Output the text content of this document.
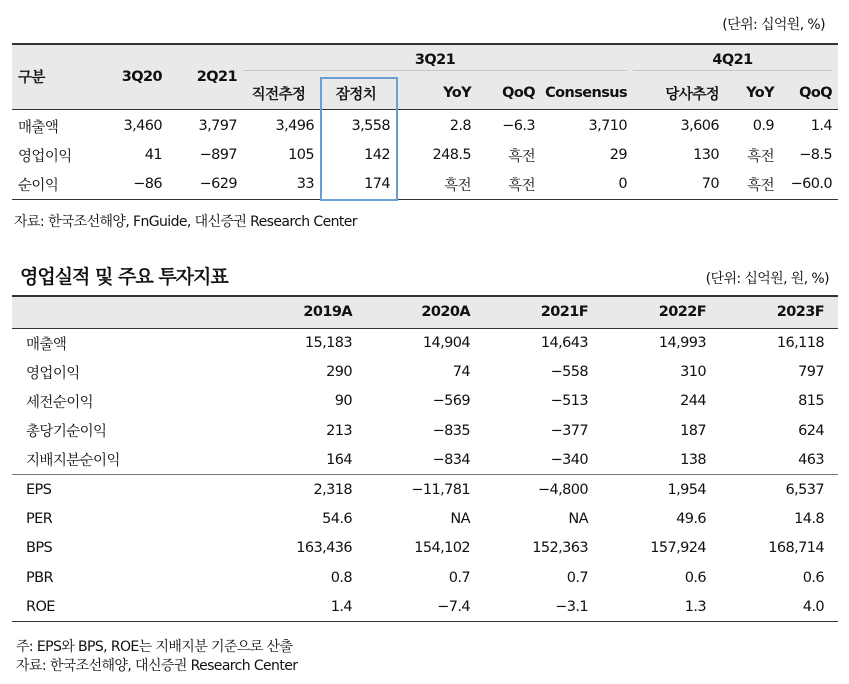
(단위: 십억원, %)
구분	3Q20	2Q21	3Q21					4Q21		
			직전추정	잠정치	YoY	QoQ	Consensus	당사추정	YoY	QoQ
매출액	3,460	3,797	3,496	3,558	2.8	−6.3	3,710	3,606	0.9	1.4
영업이익	41	−897	105	142	248.5	흑전	29	130	흑전	−8.5
순이익	−86	−629	33	174	흑전	흑전	0	70	흑전	−60.0
자료: 한국조선해양, FnGuide, 대신증권 Research Center
영업실적 및 주요 투자지표	(단위: 십억원, 원, %)
	2019A	2020A	2021F	2022F	2023F
매출액	15,183	14,904	14,643	14,993	16,118
영업이익	290	74	−558	310	797
세전순이익	90	−569	−513	244	815
총당기순이익	213	−835	−377	187	624
지배지분순이익	164	−834	−340	138	463
EPS	2,318	−11,781	−4,800	1,954	6,537
PER	54.6	NA	NA	49.6	14.8
BPS	163,436	154,102	152,363	157,924	168,714
PBR	0.8	0.7	0.7	0.6	0.6
ROE	1.4	−7.4	−3.1	1.3	4.0
주: EPS와 BPS, ROE는 지배지분 기준으로 산출
자료: 한국조선해양, 대신증권 Research Center
